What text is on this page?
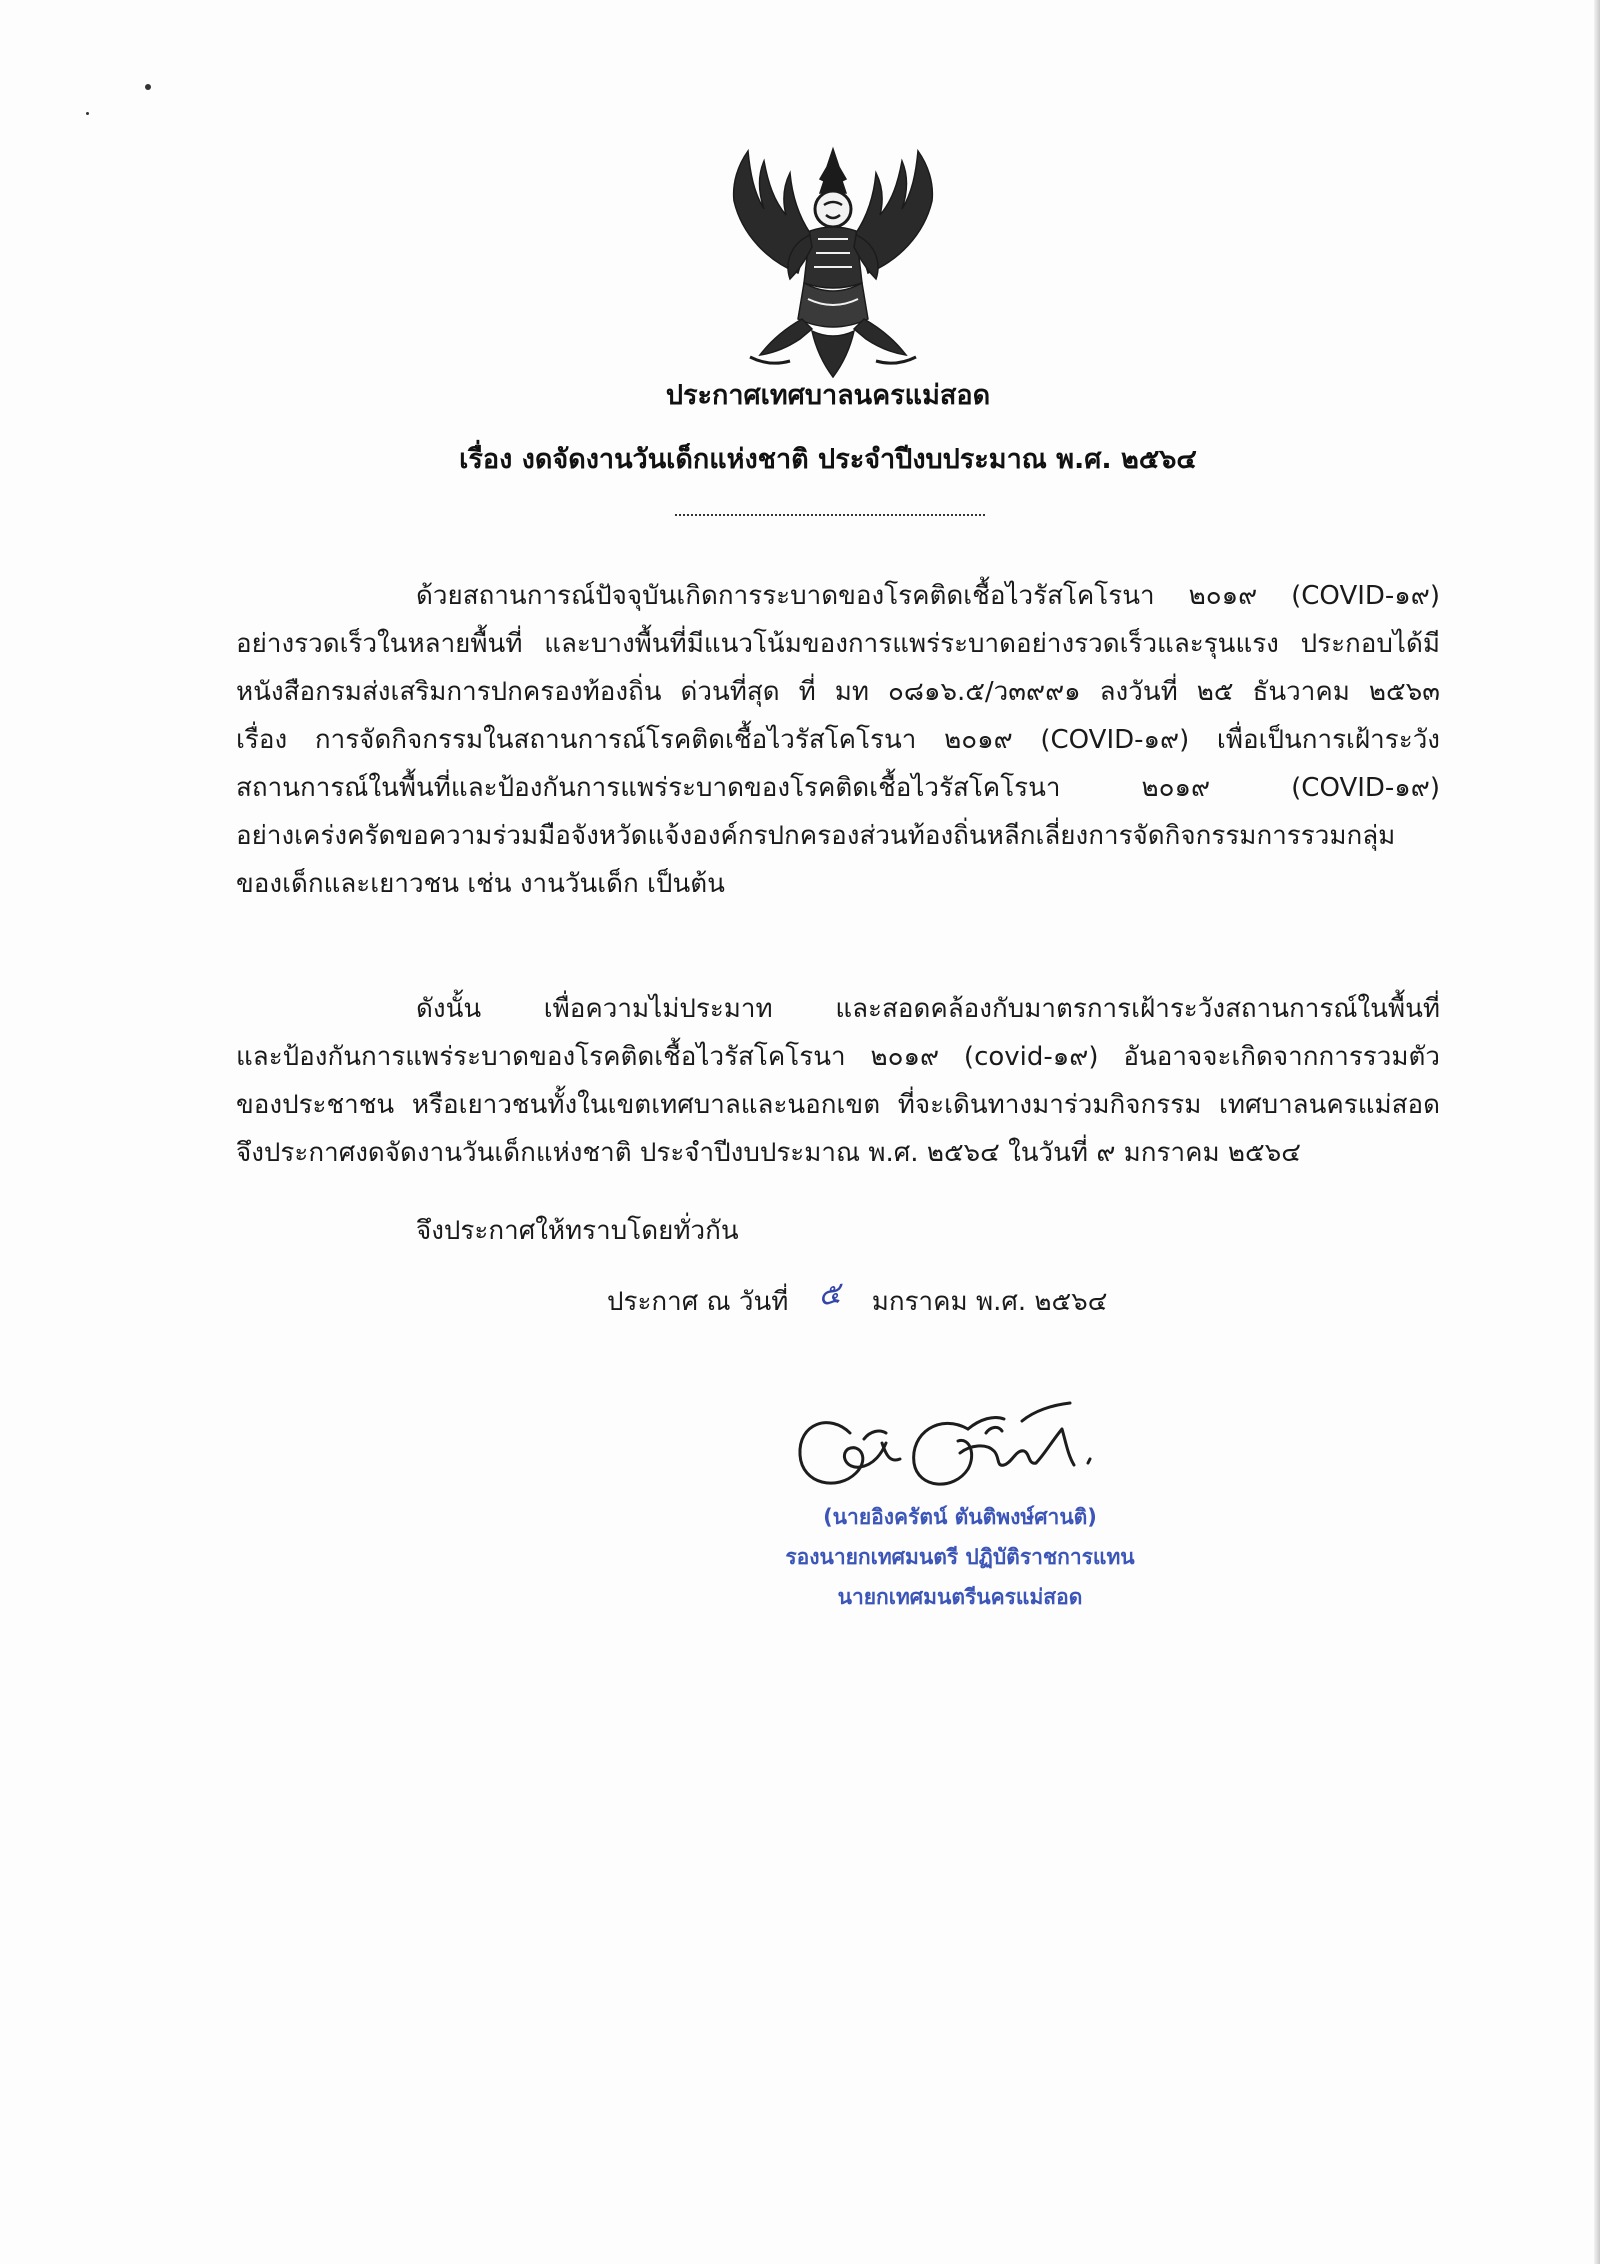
ประกาศเทศบาลนครแม่สอด
เรื่อง งดจัดงานวันเด็กแห่งชาติ ประจำปีงบประมาณ พ.ศ. ๒๕๖๔
ด้วยสถานการณ์ปัจจุบันเกิดการระบาดของโรคติดเชื้อไวรัสโคโรนา ๒๐๑๙ (COVID-๑๙)
อย่างรวดเร็วในหลายพื้นที่ และบางพื้นที่มีแนวโน้มของการแพร่ระบาดอย่างรวดเร็วและรุนแรง ประกอบได้มี
หนังสือกรมส่งเสริมการปกครองท้องถิ่น ด่วนที่สุด ที่ มท ๐๘๑๖.๕/ว๓๙๙๑ ลงวันที่ ๒๕ ธันวาคม ๒๕๖๓
เรื่อง การจัดกิจกรรมในสถานการณ์โรคติดเชื้อไวรัสโคโรนา ๒๐๑๙ (COVID-๑๙) เพื่อเป็นการเฝ้าระวัง
สถานการณ์ในพื้นที่และป้องกันการแพร่ระบาดของโรคติดเชื้อไวรัสโคโรนา ๒๐๑๙ (COVID-๑๙)
อย่างเคร่งครัดขอความร่วมมือจังหวัดแจ้งองค์กรปกครองส่วนท้องถิ่นหลีกเลี่ยงการจัดกิจกรรมการรวมกลุ่ม
ของเด็กและเยาวชน เช่น งานวันเด็ก เป็นต้น
ดังนั้น เพื่อความไม่ประมาท และสอดคล้องกับมาตรการเฝ้าระวังสถานการณ์ในพื้นที่
และป้องกันการแพร่ระบาดของโรคติดเชื้อไวรัสโคโรนา ๒๐๑๙ (covid-๑๙) อันอาจจะเกิดจากการรวมตัว
ของประชาชน หรือเยาวชนทั้งในเขตเทศบาลและนอกเขต ที่จะเดินทางมาร่วมกิจกรรม เทศบาลนครแม่สอด
จึงประกาศงดจัดงานวันเด็กแห่งชาติ ประจำปีงบประมาณ พ.ศ. ๒๕๖๔ ในวันที่ ๙ มกราคม ๒๕๖๔
จึงประกาศให้ทราบโดยทั่วกัน
ประกาศ ณ วันที่ ๕ มกราคม พ.ศ. ๒๕๖๔
(นายอิงครัตน์ ตันติพงษ์ศานติ)
รองนายกเทศมนตรี ปฏิบัติราชการแทน
นายกเทศมนตรีนครแม่สอด
